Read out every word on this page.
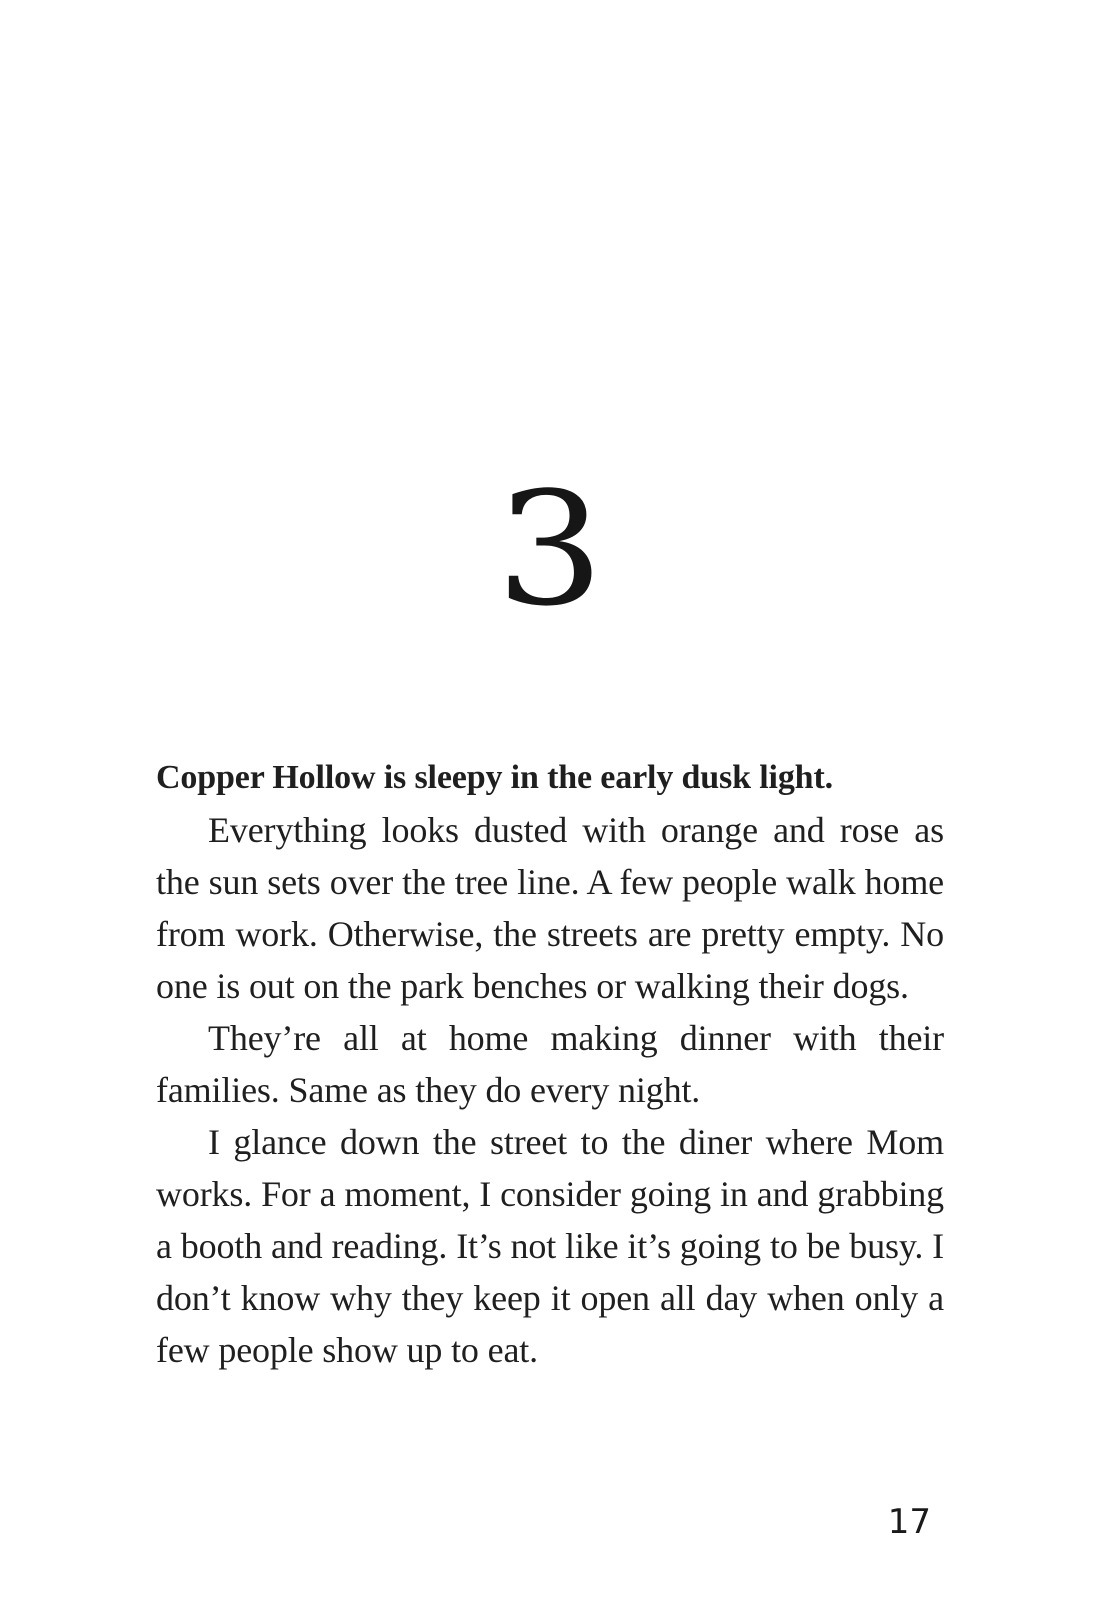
3

Copper Hollow is sleepy in the early dusk light.

Everything looks dusted with orange and rose as the sun sets over the tree line. A few people walk home from work. Otherwise, the streets are pretty empty. No one is out on the park benches or walking their dogs.

They’re all at home making dinner with their families. Same as they do every night.

I glance down the street to the diner where Mom works. For a moment, I consider going in and grabbing a booth and reading. It’s not like it’s going to be busy. I don’t know why they keep it open all day when only a few people show up to eat.

17
